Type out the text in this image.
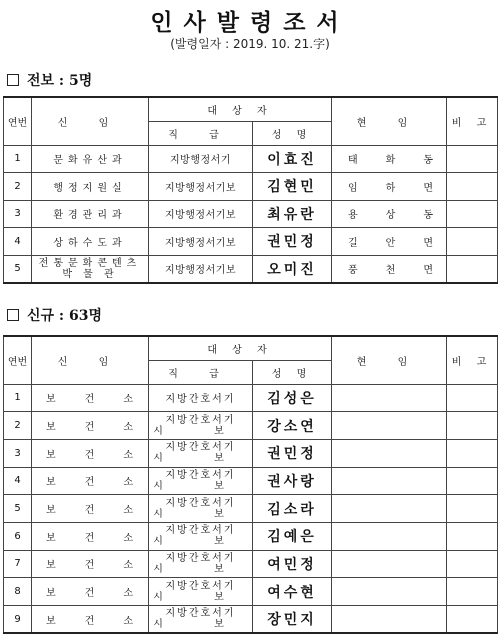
인사발령조서
(발령일자 : 2019. 10. 21.字)
전보 : 5명
연번	신 임	대 상 자		현 임	비 고
		직 급	성 명		
1	문화유산과	지방행정서기	이효진	태화동	
2	행정지원실	지방행정서기보	김현민	임하면	
3	환경관리과	지방행정서기보	최유란	용상동	
4	상하수도과	지방행정서기보	권민정	길안면	
5	전통문화콘텐츠
박 물 관	지방행정서기보	오미진	풍천면	
신규 : 63명
연번	신 임	대 상 자		현 임	비 고
		직 급	성 명		
1	보건소	지방간호서기	김성은		
2	보건소	지방간호서기
시 보	강소연		
3	보건소	지방간호서기
시 보	권민정		
4	보건소	지방간호서기
시 보	권사랑		
5	보건소	지방간호서기
시 보	김소라		
6	보건소	지방간호서기
시 보	김예은		
7	보건소	지방간호서기
시 보	여민정		
8	보건소	지방간호서기
시 보	여수현		
9	보건소	지방간호서기
시 보	장민지		
